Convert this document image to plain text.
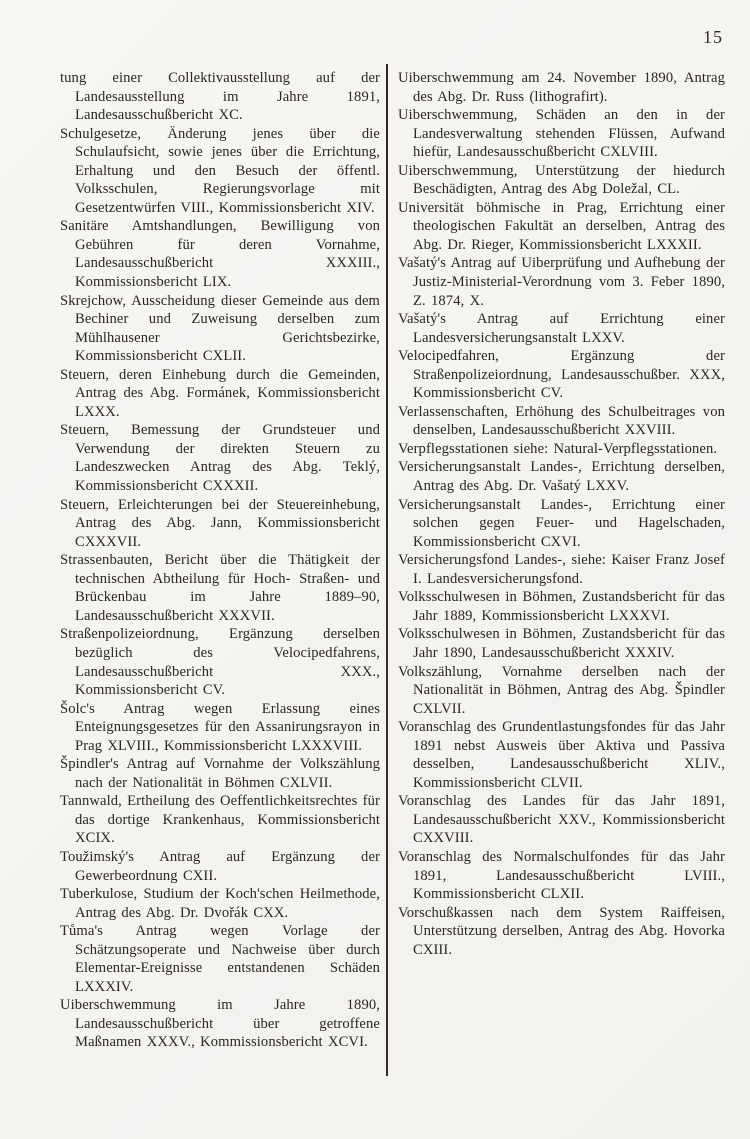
15

tung einer Collektivausstellung auf der Landesausstellung im Jahre 1891, Landesausschußbericht XC.

Schulgesetze, Änderung jenes über die Schulaufsicht, sowie jenes über die Errichtung, Erhaltung und den Besuch der öffentl. Volksschulen, Regierungsvorlage mit Gesetzentwürfen VIII., Kommissionsbericht XIV.

Sanitäre Amtshandlungen, Bewilligung von Gebühren für deren Vornahme, Landesausschußbericht XXXIII., Kommissionsbericht LIX.

Skrejchow, Ausscheidung dieser Gemeinde aus dem Bechiner und Zuweisung derselben zum Mühlhausener Gerichtsbezirke, Kommissionsbericht CXLII.

Steuern, deren Einhebung durch die Gemeinden, Antrag des Abg. Formánek, Kommissionsbericht LXXX.

Steuern, Bemessung der Grundsteuer und Verwendung der direkten Steuern zu Landeszwecken Antrag des Abg. Teklý, Kommissionsbericht CXXXII.

Steuern, Erleichterungen bei der Steuereinhebung, Antrag des Abg. Jann, Kommissionsbericht CXXXVII.

Strassenbauten, Bericht über die Thätigkeit der technischen Abtheilung für Hoch- Straßen- und Brückenbau im Jahre 1889–90, Landesausschußbericht XXXVII.

Straßenpolizeiordnung, Ergänzung derselben bezüglich des Velocipedfahrens, Landesausschußbericht XXX., Kommissionsbericht CV.

Šolc's Antrag wegen Erlassung eines Enteignungsgesetzes für den Assanirungsrayon in Prag XLVIII., Kommissionsbericht LXXXVIII.

Špindler's Antrag auf Vornahme der Volkszählung nach der Nationalität in Böhmen CXLVII.

Tannwald, Ertheilung des Oeffentlichkeitsrechtes für das dortige Krankenhaus, Kommissionsbericht XCIX.

Toužimský's Antrag auf Ergänzung der Gewerbeordnung CXII.

Tuberkulose, Studium der Koch'schen Heilmethode, Antrag des Abg. Dr. Dvořák CXX.

Tůma's Antrag wegen Vorlage der Schätzungsoperate und Nachweise über durch Elementar-Ereignisse entstandenen Schäden LXXXIV.

Uiberschwemmung im Jahre 1890, Landesausschußbericht über getroffene Maßnamen XXXV., Kommissionsbericht XCVI.

Uiberschwemmung am 24. November 1890, Antrag des Abg. Dr. Russ (lithografirt).

Uiberschwemmung, Schäden an den in der Landesverwaltung stehenden Flüssen, Aufwand hiefür, Landesausschußbericht CXLVIII.

Uiberschwemmung, Unterstützung der hiedurch Beschädigten, Antrag des Abg Doležal, CL.

Universität böhmische in Prag, Errichtung einer theologischen Fakultät an derselben, Antrag des Abg. Dr. Rieger, Kommissionsbericht LXXXII.

Vašatý's Antrag auf Uiberprüfung und Aufhebung der Justiz-Ministerial-Verordnung vom 3. Feber 1890, Z. 1874, X.

Vašatý's Antrag auf Errichtung einer Landesversicherungsanstalt LXXV.

Velocipedfahren, Ergänzung der Straßenpolizeiordnung, Landesausschußber. XXX, Kommissionsbericht CV.

Verlassenschaften, Erhöhung des Schulbeitrages von denselben, Landesausschußbericht XXVIII.

Verpflegsstationen siehe: Natural-Verpflegsstationen.

Versicherungsanstalt Landes-, Errichtung derselben, Antrag des Abg. Dr. Vašatý LXXV.

Versicherungsanstalt Landes-, Errichtung einer solchen gegen Feuer- und Hagelschaden, Kommissionsbericht CXVI.

Versicherungsfond Landes-, siehe: Kaiser Franz Josef I. Landesversicherungsfond.

Volksschulwesen in Böhmen, Zustandsbericht für das Jahr 1889, Kommissionsbericht LXXXVI.

Volksschulwesen in Böhmen, Zustandsbericht für das Jahr 1890, Landesausschußbericht XXXIV.

Volkszählung, Vornahme derselben nach der Nationalität in Böhmen, Antrag des Abg. Špindler CXLVII.

Voranschlag des Grundentlastungsfondes für das Jahr 1891 nebst Ausweis über Aktiva und Passiva desselben, Landesausschußbericht XLIV., Kommissionsbericht CLVII.

Voranschlag des Landes für das Jahr 1891, Landesausschußbericht XXV., Kommissionsbericht CXXVIII.

Voranschlag des Normalschulfondes für das Jahr 1891, Landesausschußbericht LVIII., Kommissionsbericht CLXII.

Vorschußkassen nach dem System Raiffeisen, Unterstützung derselben, Antrag des Abg. Hovorka CXIII.
